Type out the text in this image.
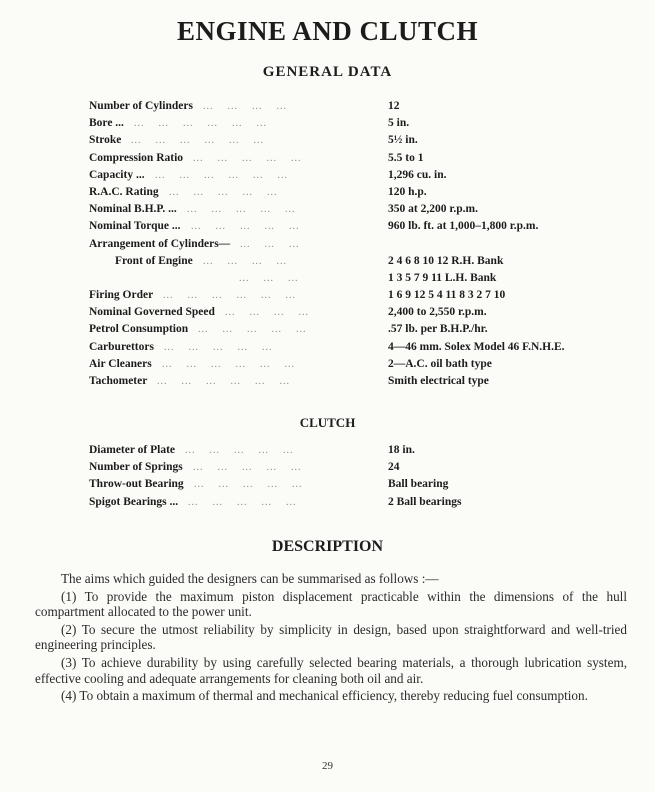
ENGINE AND CLUTCH
GENERAL DATA
...    ...    ...    ...
Number of Cylinders	12
...    ...    ...    ...    ...    ...
Bore ...	5 in.
...    ...    ...    ...    ...    ...
Stroke	5½ in.
...    ...    ...    ...    ...
Compression Ratio	5.5 to 1
...    ...    ...    ...    ...    ...
Capacity ...	1,296 cu. in.
...    ...    ...    ...    ...
R.A.C. Rating	120 h.p.
...    ...    ...    ...    ...
Nominal B.H.P. ...	350 at 2,200 r.p.m.
...    ...    ...    ...    ...
Nominal Torque ...	960 lb. ft. at 1,000–1,800 r.p.m.
...    ...    ...
Arrangement of Cylinders—
...    ...    ...    ...
Front of Engine	2 4 6 8 10 12 R.H. Bank
...    ...    ...	1 3 5 7 9 11 L.H. Bank
...    ...    ...    ...    ...    ...
Firing Order	1 6 9 12 5 4 11 8 3 2 7 10
...    ...    ...    ...
Nominal Governed Speed	2,400 to 2,550 r.p.m.
...    ...    ...    ...    ...
Petrol Consumption	.57 lb. per B.H.P./hr.
...    ...    ...    ...    ...
Carburettors	4—46 mm. Solex Model 46 F.N.H.E.
...    ...    ...    ...    ...    ...
Air Cleaners	2—A.C. oil bath type
...    ...    ...    ...    ...    ...
Tachometer	Smith electrical type
CLUTCH
...    ...    ...    ...    ...
Diameter of Plate	18 in.
...    ...    ...    ...    ...
Number of Springs	24
...    ...    ...    ...    ...
Throw-out Bearing	Ball bearing
...    ...    ...    ...    ...
Spigot Bearings ...	2 Ball bearings
DESCRIPTION

The aims which guided the designers can be summarised as follows :—

(1) To provide the maximum piston displacement practicable within the dimensions of the hull compartment allocated to the power unit.

(2) To secure the utmost reliability by simplicity in design, based upon straightforward and well-tried engineering principles.

(3) To achieve durability by using carefully selected bearing materials, a thorough lubrication system, effective cooling and adequate arrangements for cleaning both oil and air.

(4) To obtain a maximum of thermal and mechanical efficiency, thereby reducing fuel consumption.

29
